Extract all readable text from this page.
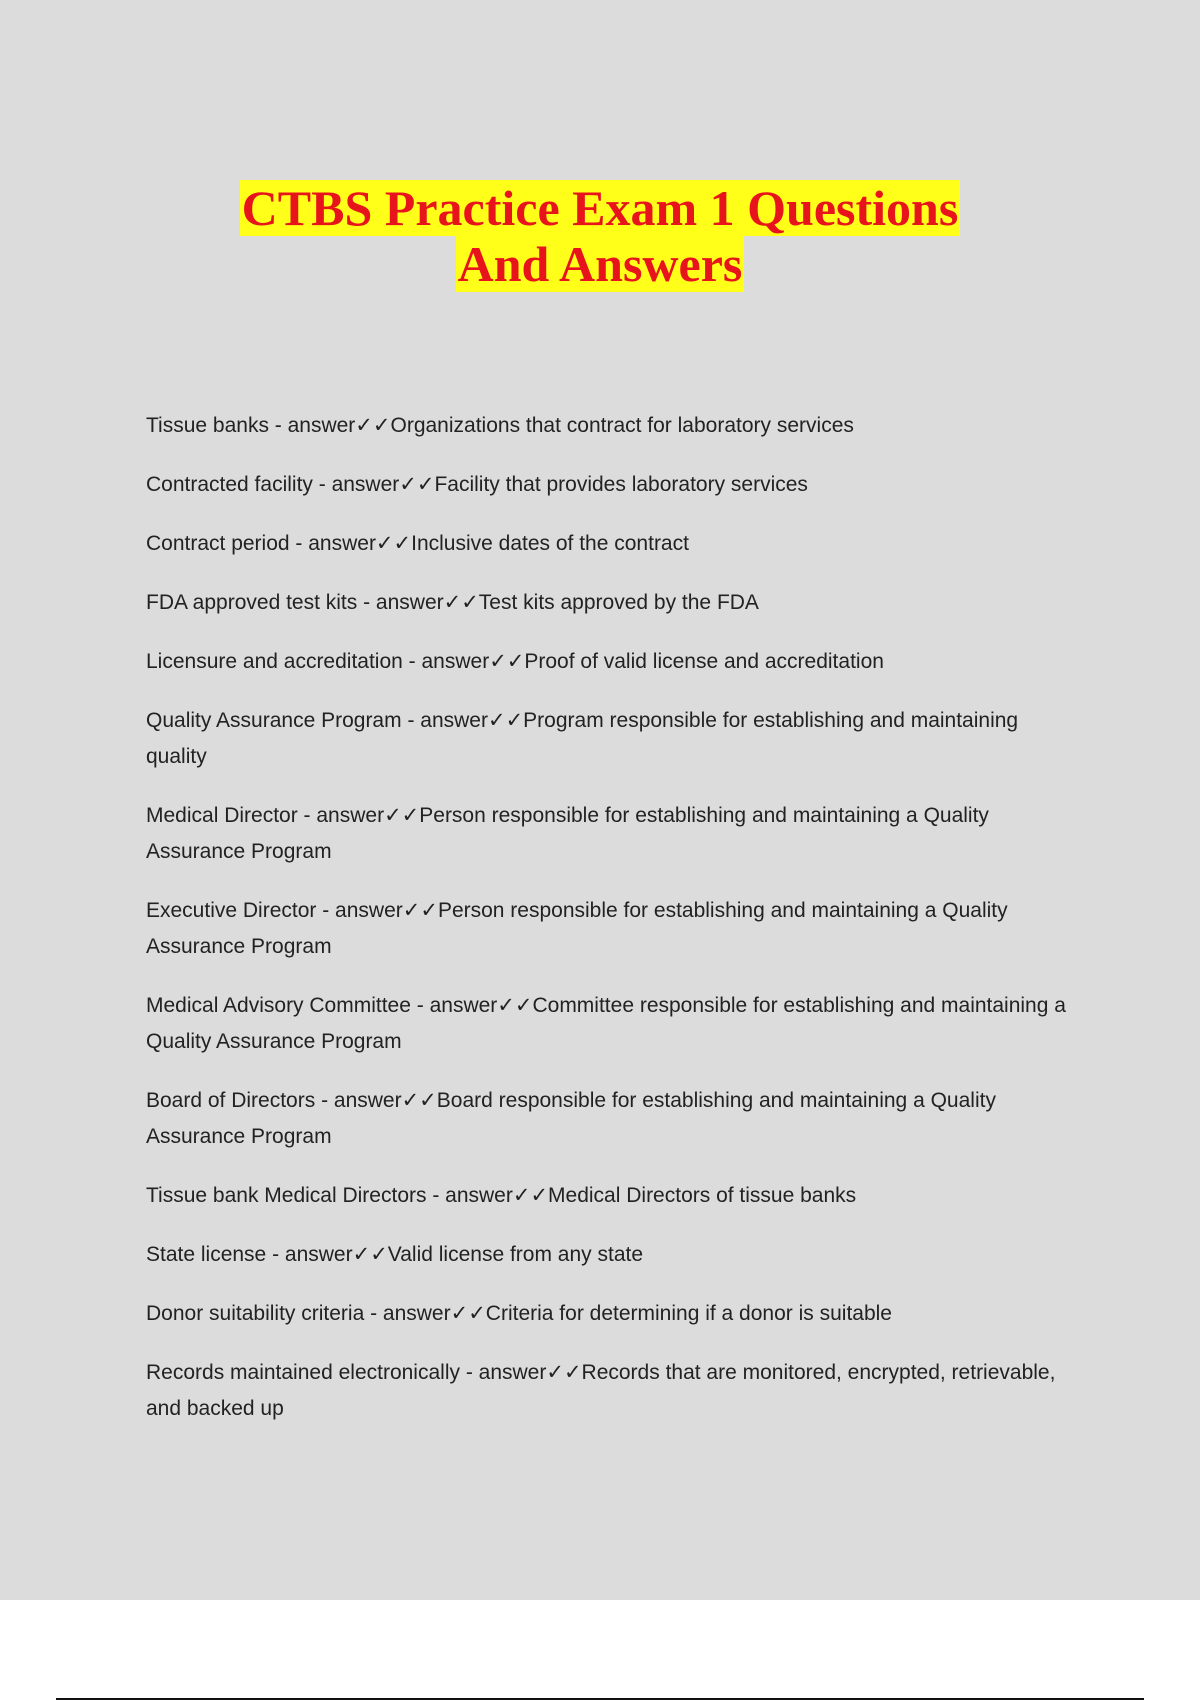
CTBS Practice Exam 1 Questions And Answers
Tissue banks - answer✓✓Organizations that contract for laboratory services
Contracted facility - answer✓✓Facility that provides laboratory services
Contract period - answer✓✓Inclusive dates of the contract
FDA approved test kits - answer✓✓Test kits approved by the FDA
Licensure and accreditation - answer✓✓Proof of valid license and accreditation
Quality Assurance Program - answer✓✓Program responsible for establishing and maintaining quality
Medical Director - answer✓✓Person responsible for establishing and maintaining a Quality Assurance Program
Executive Director - answer✓✓Person responsible for establishing and maintaining a Quality Assurance Program
Medical Advisory Committee - answer✓✓Committee responsible for establishing and maintaining a Quality Assurance Program
Board of Directors - answer✓✓Board responsible for establishing and maintaining a Quality Assurance Program
Tissue bank Medical Directors - answer✓✓Medical Directors of tissue banks
State license - answer✓✓Valid license from any state
Donor suitability criteria - answer✓✓Criteria for determining if a donor is suitable
Records maintained electronically - answer✓✓Records that are monitored, encrypted, retrievable, and backed up
